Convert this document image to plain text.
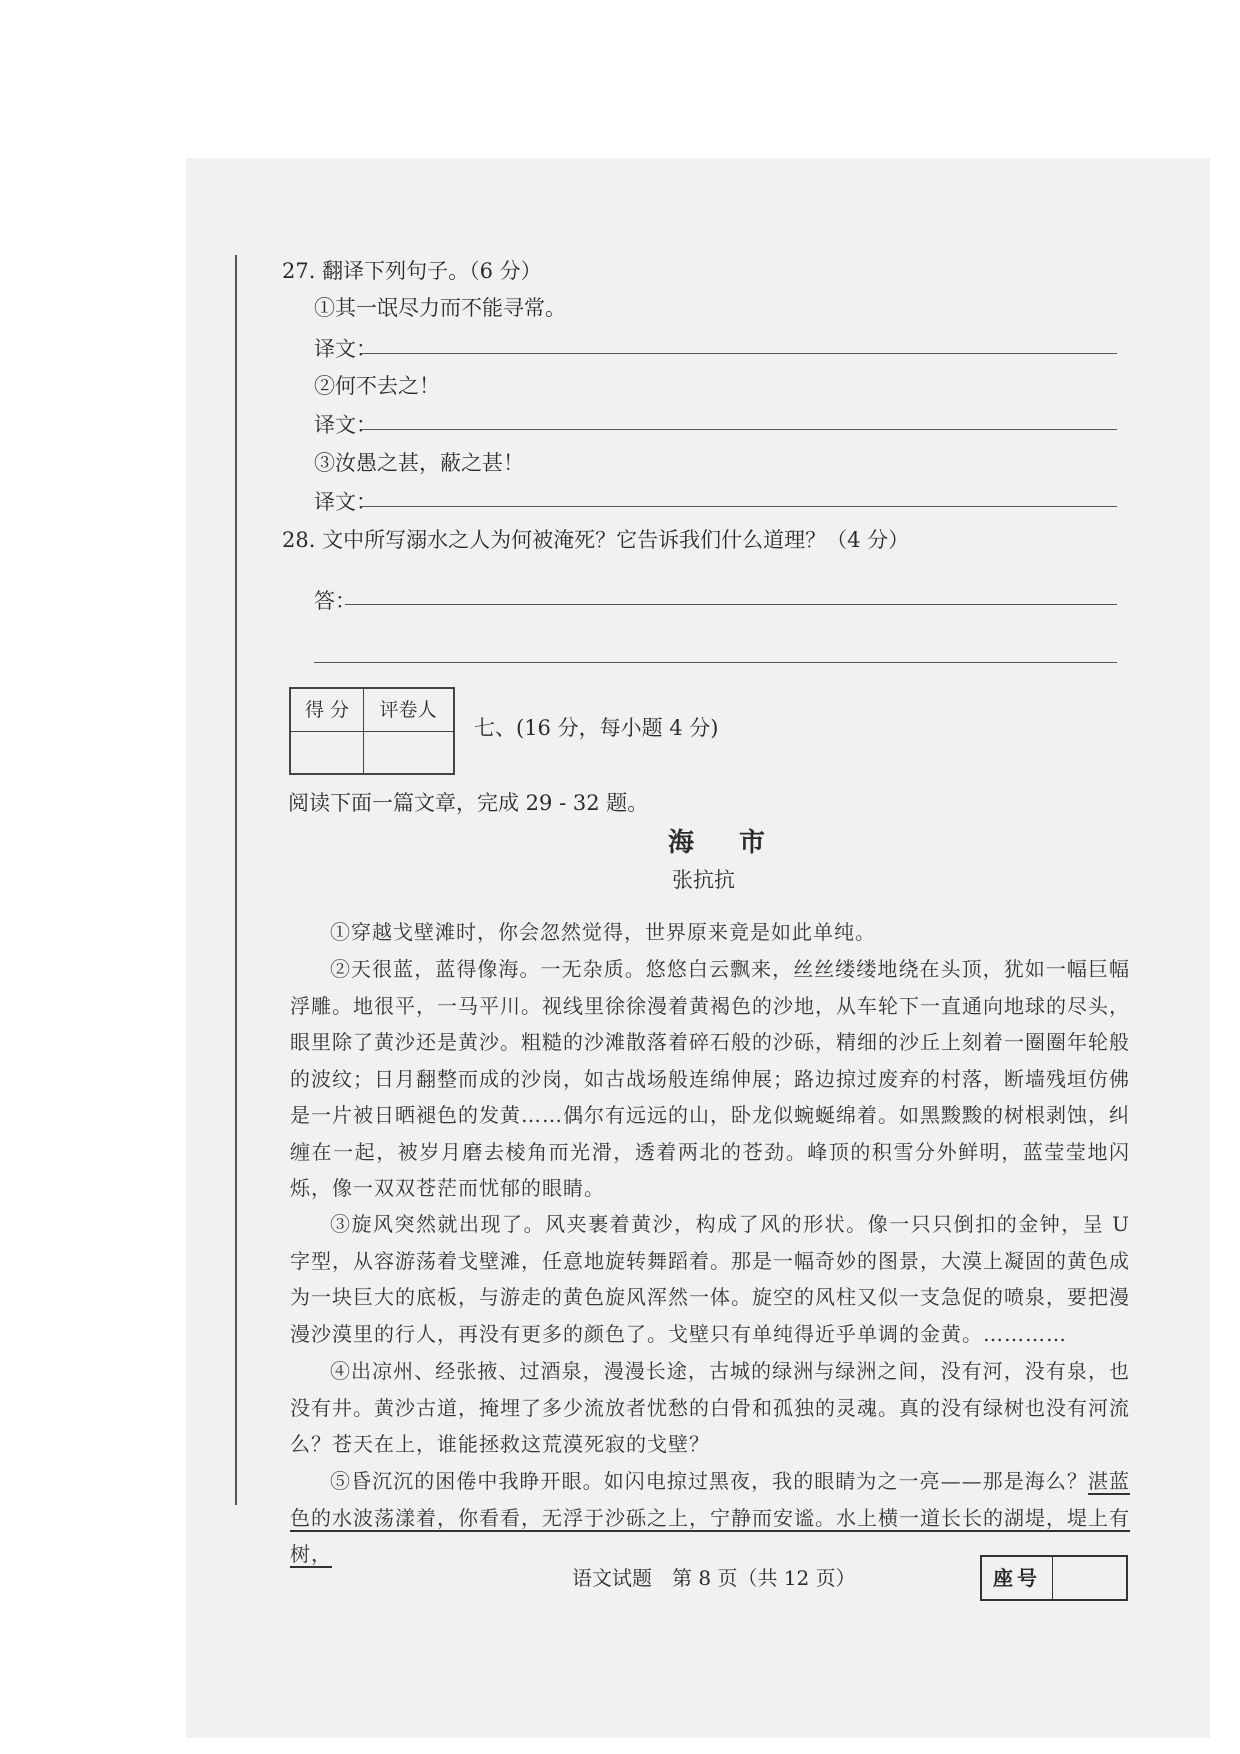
27. 翻译下列句子。（6 分）
①其一氓尽力而不能寻常。
译文：
②何不去之！
译文：
③汝愚之甚，蔽之甚！
译文：
28. 文中所写溺水之人为何被淹死？它告诉我们什么道理？（4 分）
答：
得 分	评卷人
七、(16 分，每小题 4 分)
阅读下面一篇文章，完成 29 - 32 题。
海 市
张抗抗
①穿越戈壁滩时，你会忽然觉得，世界原来竟是如此单纯。
②天很蓝，蓝得像海。一无杂质。悠悠白云飘来，丝丝缕缕地绕在头顶，犹如一幅巨幅浮雕。地很平，一马平川。视线里徐徐漫着黄褐色的沙地，从车轮下一直通向地球的尽头，眼里除了黄沙还是黄沙。粗糙的沙滩散落着碎石般的沙砾，精细的沙丘上刻着一圈圈年轮般的波纹；日月翻整而成的沙岗，如古战场般连绵伸展；路边掠过废弃的村落，断墙残垣仿佛是一片被日晒褪色的发黄……偶尔有远远的山，卧龙似蜿蜒绵着。如黑黢黢的树根剥蚀，纠缠在一起，被岁月磨去棱角而光滑，透着两北的苍劲。峰顶的积雪分外鲜明，蓝莹莹地闪烁，像一双双苍茫而忧郁的眼睛。
③旋风突然就出现了。风夹裹着黄沙，构成了风的形状。像一只只倒扣的金钟，呈 U 字型，从容游荡着戈壁滩，任意地旋转舞蹈着。那是一幅奇妙的图景，大漠上凝固的黄色成为一块巨大的底板，与游走的黄色旋风浑然一体。旋空的风柱又似一支急促的喷泉，要把漫漫沙漠里的行人，再没有更多的颜色了。戈壁只有单纯得近乎单调的金黄。…………
④出凉州、经张掖、过酒泉，漫漫长途，古城的绿洲与绿洲之间，没有河，没有泉，也没有井。黄沙古道，掩埋了多少流放者忧愁的白骨和孤独的灵魂。真的没有绿树也没有河流么？苍天在上，谁能拯救这荒漠死寂的戈壁？
⑤昏沉沉的困倦中我睁开眼。如闪电掠过黑夜，我的眼睛为之一亮——那是海么？湛蓝色的水波荡漾着，你看看，无浮于沙砾之上，宁静而安谧。水上横一道长长的湖堤，堤上有树，
语文试题　第 8 页（共 12 页）	座号
